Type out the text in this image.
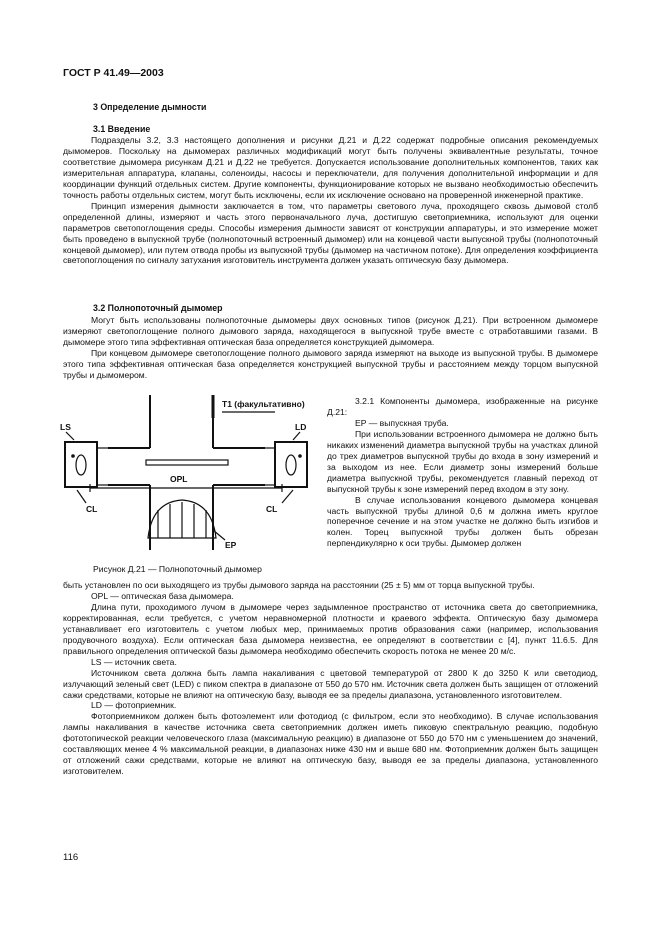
ГОСТ Р 41.49—2003
3 Определение дымности
3.1 Введение

Подразделы 3.2, 3.3 настоящего дополнения и рисунки Д.21 и Д.22 содержат подробные описания рекомендуемых дымомеров. Поскольку на дымомерах различных модификаций могут быть получены эквивалентные результаты, точное соответствие дымомера рисункам Д.21 и Д.22 не требуется. Допускается использование дополнительных компонентов, таких как измерительная аппаратура, клапаны, соленоиды, насосы и переключатели, для получения дополнительной информации и для координации функций отдельных систем. Другие компоненты, функционирование которых не вызвано необходимостью обеспечить точность работы отдельных систем, могут быть исключены, если их исключение основано на проверенной инженерной практике.

Принцип измерения дымности заключается в том, что параметры светового луча, проходящего сквозь дымовой столб определенной длины, измеряют и часть этого первоначального луча, достигшую светоприемника, используют для оценки параметров светопоглощения среды. Способы измерения дымности зависят от конструкции аппаратуры, и это измерение может быть проведено в выпускной трубе (полнопоточный встроенный дымомер) или на концевой части выпускной трубы (полнопоточный концевой дымомер), или путем отвода пробы из выпускной трубы (дымомер на частичном потоке). Для определения коэффициента светопоглощения по сигналу затухания изготовитель инструмента должен указать оптическую базу дымомера.

3.2 Полнопоточный дымомер

Могут быть использованы полнопоточные дымомеры двух основных типов (рисунок Д.21). При встроенном дымомере измеряют светопоглощение полного дымового заряда, находящегося в выпускной трубе вместе с отработавшими газами. В дымомере этого типа эффективная оптическая база определяется конструкцией дымомера.

При концевом дымомере светопоглощение полного дымового заряда измеряют на выходе из выпускной трубы. В дымомере этого типа эффективная оптическая база определяется конструкцией выпускной трубы и расстоянием между торцом выпускной трубы и дымомером.

T1 (факультативно)
LS	LD
OPL
CL	CL
EP
Рисунок Д.21 — Полнопоточный дымомер

3.2.1 Компоненты дымомера, изображенные на рисунке Д.21:

EP — выпускная труба.

При использовании встроенного дымомера не должно быть никаких изменений диаметра выпускной трубы на участках длиной до трех диаметров выпускной трубы до входа в зону измерений и за выходом из нее. Если диаметр зоны измерений больше диаметра выпускной трубы, рекомендуется главный переход от выпускной трубы к зоне измерений перед входом в эту зону.

В случае использования концевого дымомера концевая часть выпускной трубы длиной 0,6 м должна иметь круглое поперечное сечение и на этом участке не должно быть изгибов и колен. Торец выпускной трубы должен быть обрезан перпендикулярно к оси трубы. Дымомер должен

быть установлен по оси выходящего из трубы дымового заряда на расстоянии (25 ± 5) мм от торца выпускной трубы.

OPL — оптическая база дымомера.

Длина пути, проходимого лучом в дымомере через задымленное пространство от источника света до светоприемника, корректированная, если требуется, с учетом неравномерной плотности и краевого эффекта. Оптическую базу дымомера устанавливает его изготовитель с учетом любых мер, принимаемых против образования сажи (например, использования продувочного воздуха). Если оптическая база дымомера неизвестна, ее определяют в соответствии с [4], пункт 11.6.5. Для правильного определения оптической базы дымомера необходимо обеспечить скорость потока не менее 20 м/с.

LS — источник света.

Источником света должна быть лампа накаливания с цветовой температурой от 2800 К до 3250 К или светодиод, излучающий зеленый свет (LED) с пиком спектра в диапазоне от 550 до 570 нм. Источник света должен быть защищен от отложений сажи средствами, которые не влияют на оптическую базу, выводя ее за пределы диапазона, установленного изготовителем.

LD — фотоприемник.

Фотоприемником должен быть фотоэлемент или фотодиод (с фильтром, если это необходимо). В случае использования лампы накаливания в качестве источника света светоприемник должен иметь пиковую спектральную реакцию, подобную фототопической реакции человеческого глаза (максимальную реакцию) в диапазоне от 550 до 570 нм с уменьшением до значений, составляющих менее 4 % максимальной реакции, в диапазонах ниже 430 нм и выше 680 нм. Фотоприемник должен быть защищен от отложений сажи средствами, которые не влияют на оптическую базу, выводя ее за пределы диапазона, установленного изготовителем.

116
